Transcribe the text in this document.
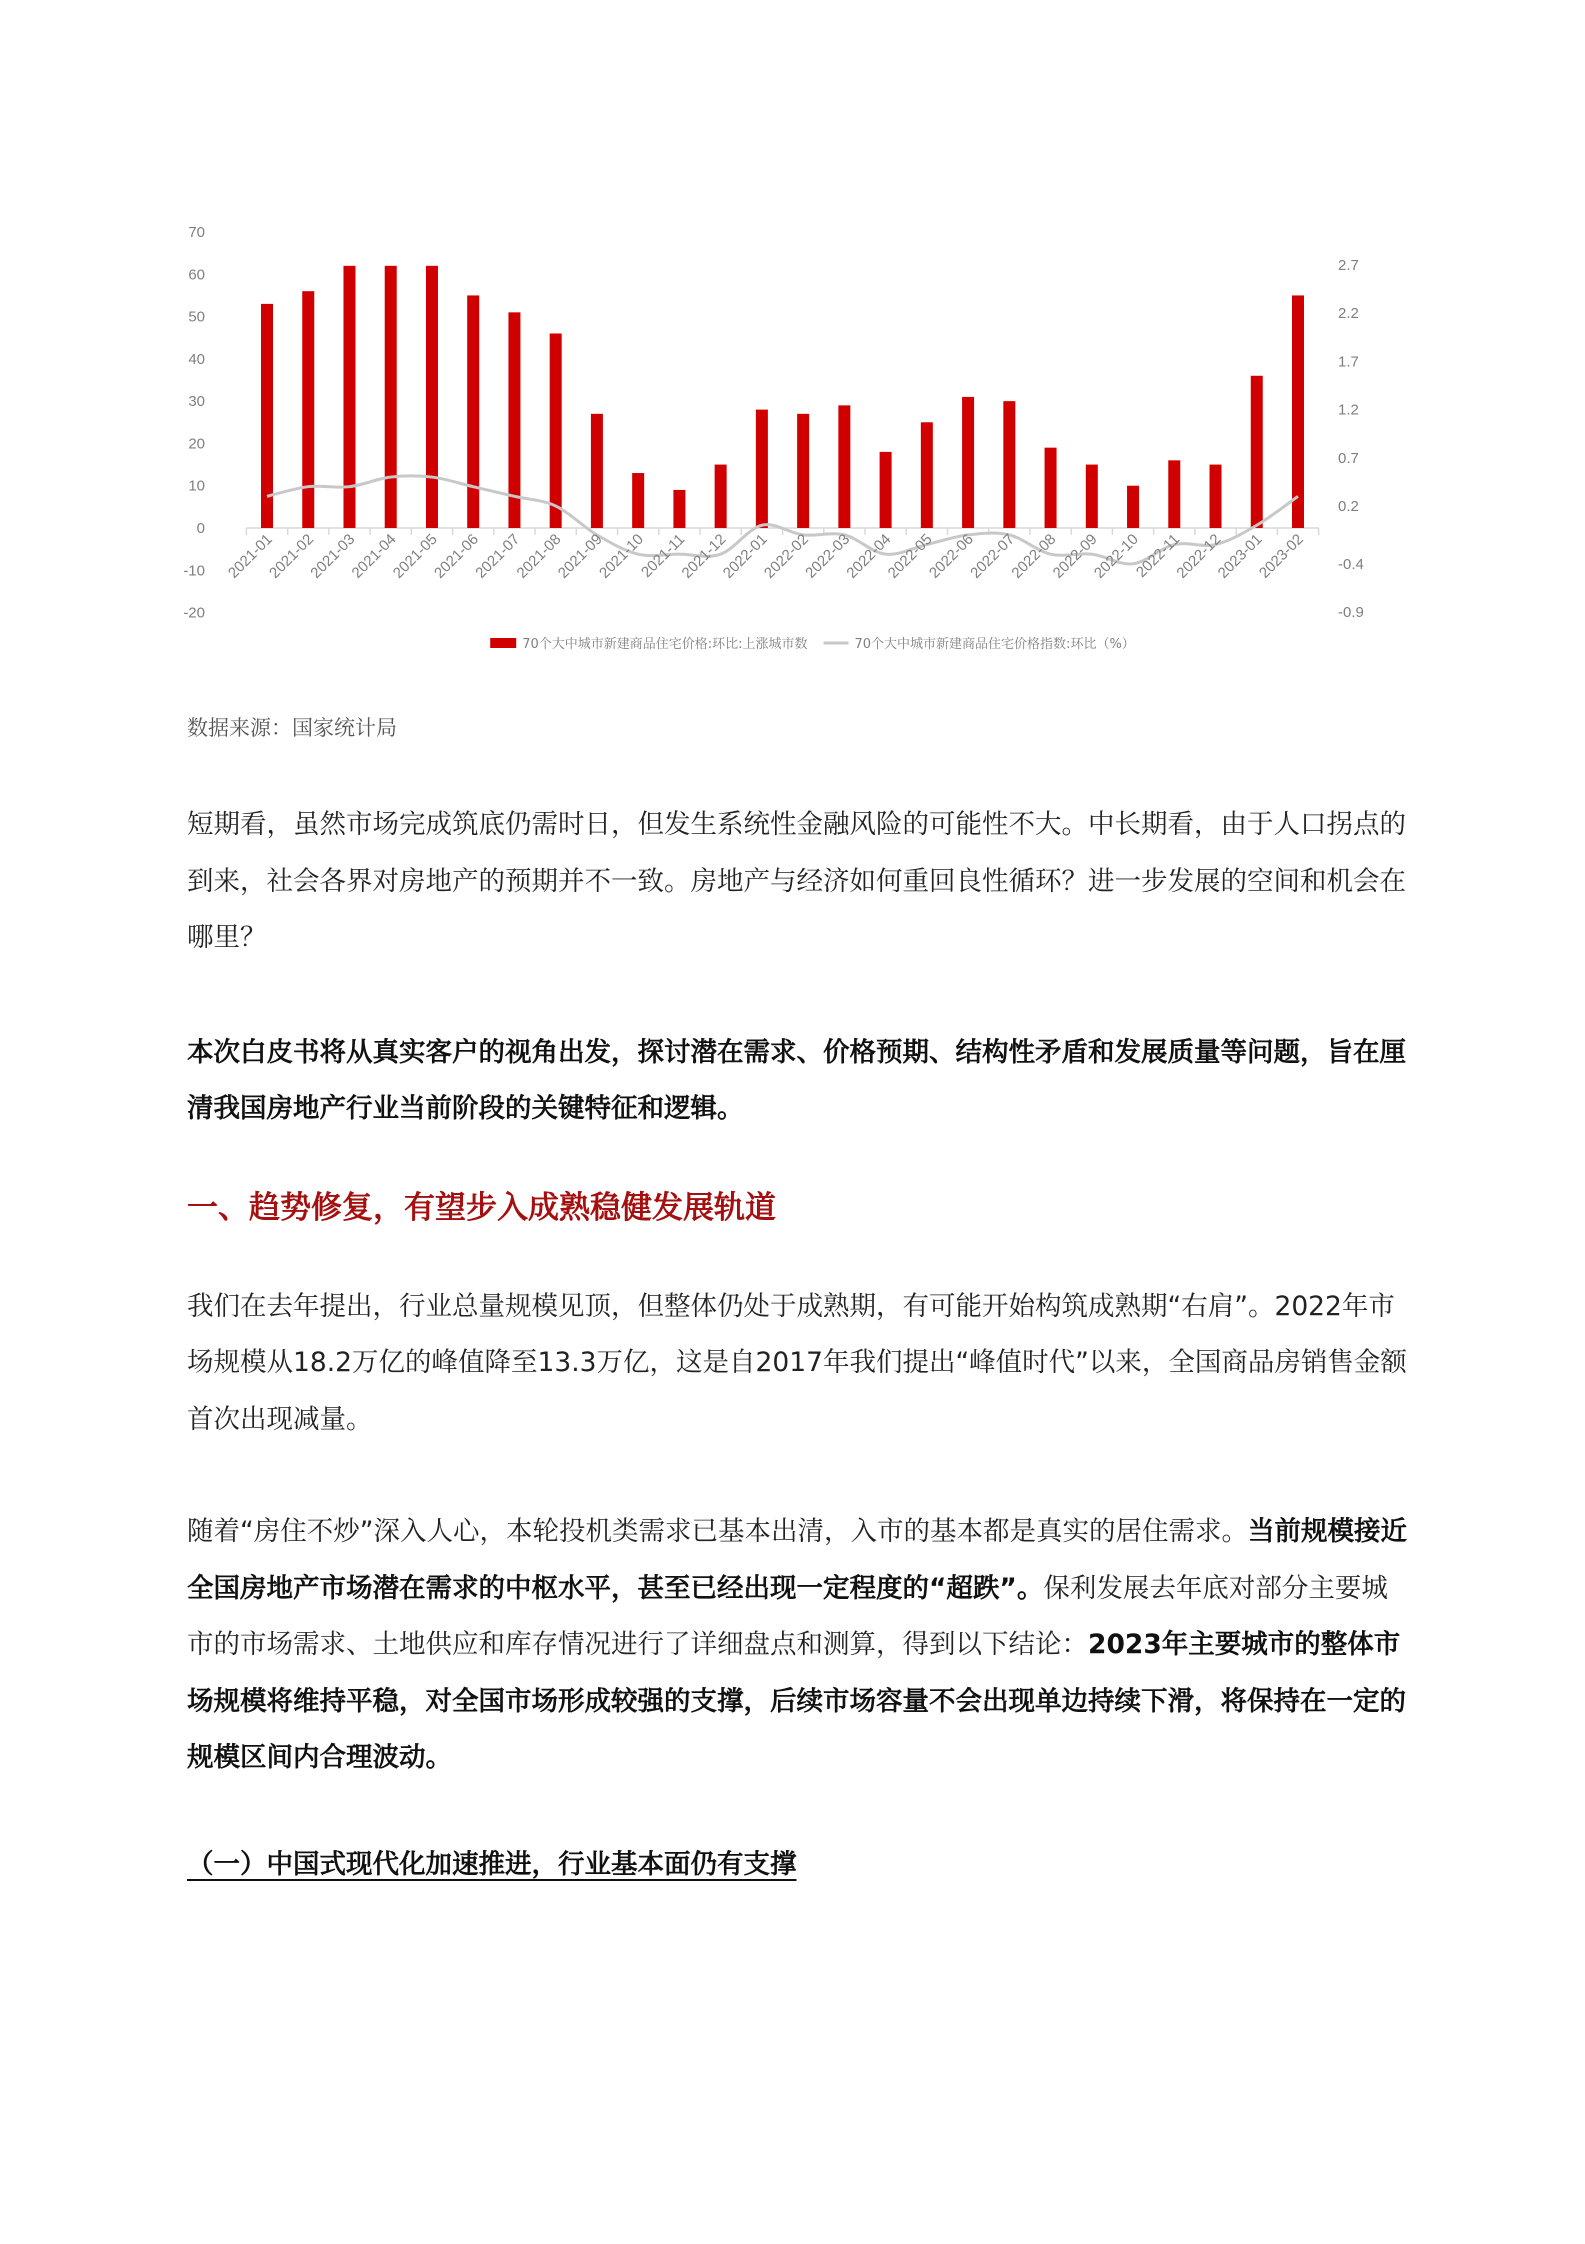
70
60
50
40
30
20
10
0
-10
-20
2.7
2.2
1.7
1.2
0.7
0.2
-0.4
-0.9
2021-01
2021-02
2021-03
2021-04
2021-05
2021-06
2021-07
2021-08
2021-09
2021-10
2021-11
2021-12
2022-01
2022-02
2022-03
2022-04
2022-05
2022-06
2022-07
2022-08
2022-09
2022-10
2022-11
2022-12
2023-01
2023-02
70个大中城市新建商品住宅价格:环比:上涨城市数	70个大中城市新建商品住宅价格指数:环比（%）
数据来源：国家统计局
短期看，虽然市场完成筑底仍需时日，但发生系统性金融风险的可能性不大。中长期看，由于人口拐点的到来，社会各界对房地产的预期并不一致。房地产与经济如何重回良性循环？进一步发展的空间和机会在哪里？
本次白皮书将从真实客户的视角出发，探讨潜在需求、价格预期、结构性矛盾和发展质量等问题，旨在厘清我国房地产行业当前阶段的关键特征和逻辑。
一、趋势修复，有望步入成熟稳健发展轨道
我们在去年提出，行业总量规模见顶，但整体仍处于成熟期，有可能开始构筑成熟期“右肩”。2022年市场规模从18.2万亿的峰值降至13.3万亿，这是自2017年我们提出“峰值时代”以来，全国商品房销售金额首次出现减量。
随着“房住不炒”深入人心，本轮投机类需求已基本出清，入市的基本都是真实的居住需求。当前规模接近全国房地产市场潜在需求的中枢水平，甚至已经出现一定程度的“超跌”。保利发展去年底对部分主要城市的市场需求、土地供应和库存情况进行了详细盘点和测算，得到以下结论：2023年主要城市的整体市场规模将维持平稳，对全国市场形成较强的支撑，后续市场容量不会出现单边持续下滑，将保持在一定的规模区间内合理波动。
（一）中国式现代化加速推进，行业基本面仍有支撑
